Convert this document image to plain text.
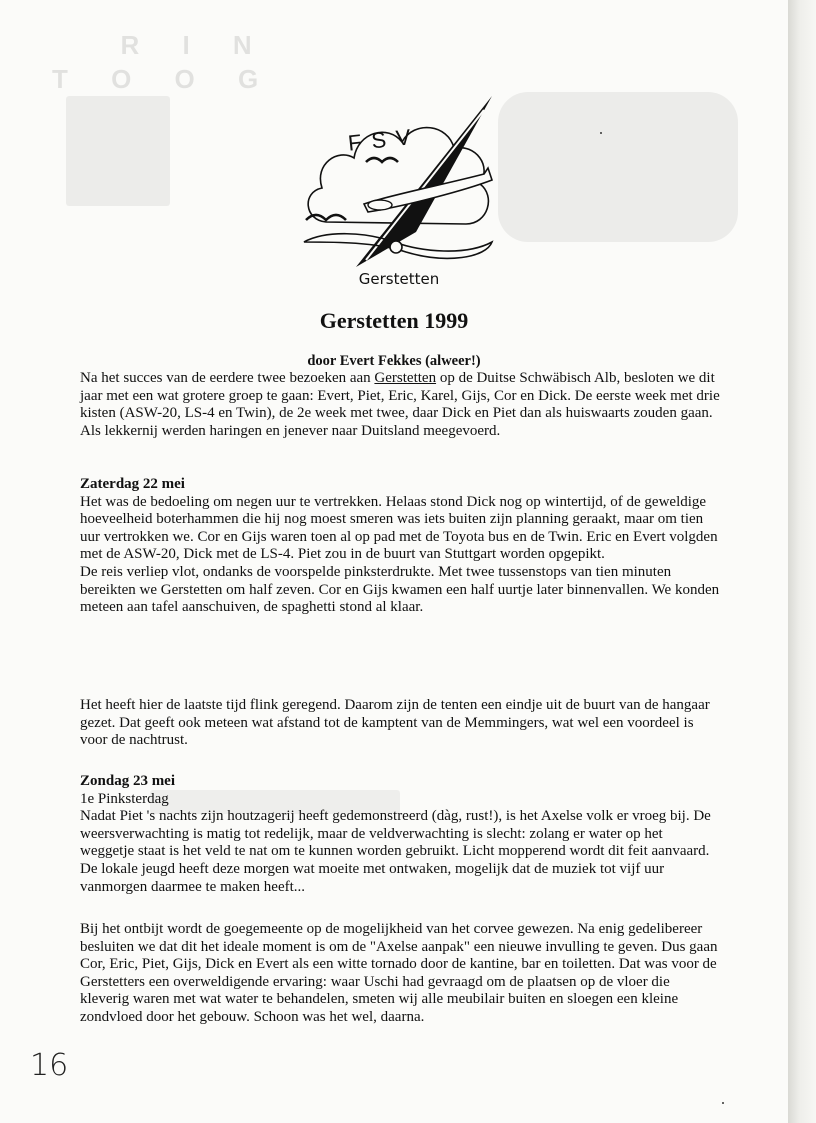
R I N
T O O G
FSV
Gerstetten
Gerstetten 1999
door Evert Fekkes (alweer!)

Na het succes van de eerdere twee bezoeken aan Gerstetten op de Duitse Schwäbisch Alb, besloten we dit jaar met een wat grotere groep te gaan: Evert, Piet, Eric, Karel, Gijs, Cor en Dick. De eerste week met drie kisten (ASW-20, LS-4 en Twin), de 2e week met twee, daar Dick en Piet dan als huiswaarts zouden gaan. Als lekkernij werden haringen en jenever naar Duitsland meegevoerd.

Zaterdag 22 mei

Het was de bedoeling om negen uur te vertrekken. Helaas stond Dick nog op wintertijd, of de geweldige hoeveelheid boterhammen die hij nog moest smeren was iets buiten zijn planning geraakt, maar om tien uur vertrokken we. Cor en Gijs waren toen al op pad met de Toyota bus en de Twin. Eric en Evert volgden met de ASW-20, Dick met de LS-4. Piet zou in de buurt van Stuttgart worden opgepikt.

De reis verliep vlot, ondanks de voorspelde pinksterdrukte. Met twee tussenstops van tien minuten bereikten we Gerstetten om half zeven. Cor en Gijs kwamen een half uurtje later binnenvallen. We konden meteen aan tafel aanschuiven, de spaghetti stond al klaar.

Het heeft hier de laatste tijd flink geregend. Daarom zijn de tenten een eindje uit de buurt van de hangaar gezet. Dat geeft ook meteen wat afstand tot de kamptent van de Memmingers, wat wel een voordeel is voor de nachtrust.

Zondag 23 mei

1e Pinksterdag

Nadat Piet 's nachts zijn houtzagerij heeft gedemonstreerd (dàg, rust!), is het Axelse volk er vroeg bij. De weersverwachting is matig tot redelijk, maar de veldverwachting is slecht: zolang er water op het weggetje staat is het veld te nat om te kunnen worden gebruikt. Licht mopperend wordt dit feit aanvaard. De lokale jeugd heeft deze morgen wat moeite met ontwaken, mogelijk dat de muziek tot vijf uur vanmorgen daarmee te maken heeft...

Bij het ontbijt wordt de goegemeente op de mogelijkheid van het corvee gewezen. Na enig gedelibereer besluiten we dat dit het ideale moment is om de "Axelse aanpak" een nieuwe invulling te geven. Dus gaan Cor, Eric, Piet, Gijs, Dick en Evert als een witte tornado door de kantine, bar en toiletten. Dat was voor de Gerstetters een overweldigende ervaring: waar Uschi had gevraagd om de plaatsen op de vloer die kleverig waren met wat water te behandelen, smeten wij alle meubilair buiten en sloegen een kleine zondvloed door het gebouw. Schoon was het wel, daarna.

16
